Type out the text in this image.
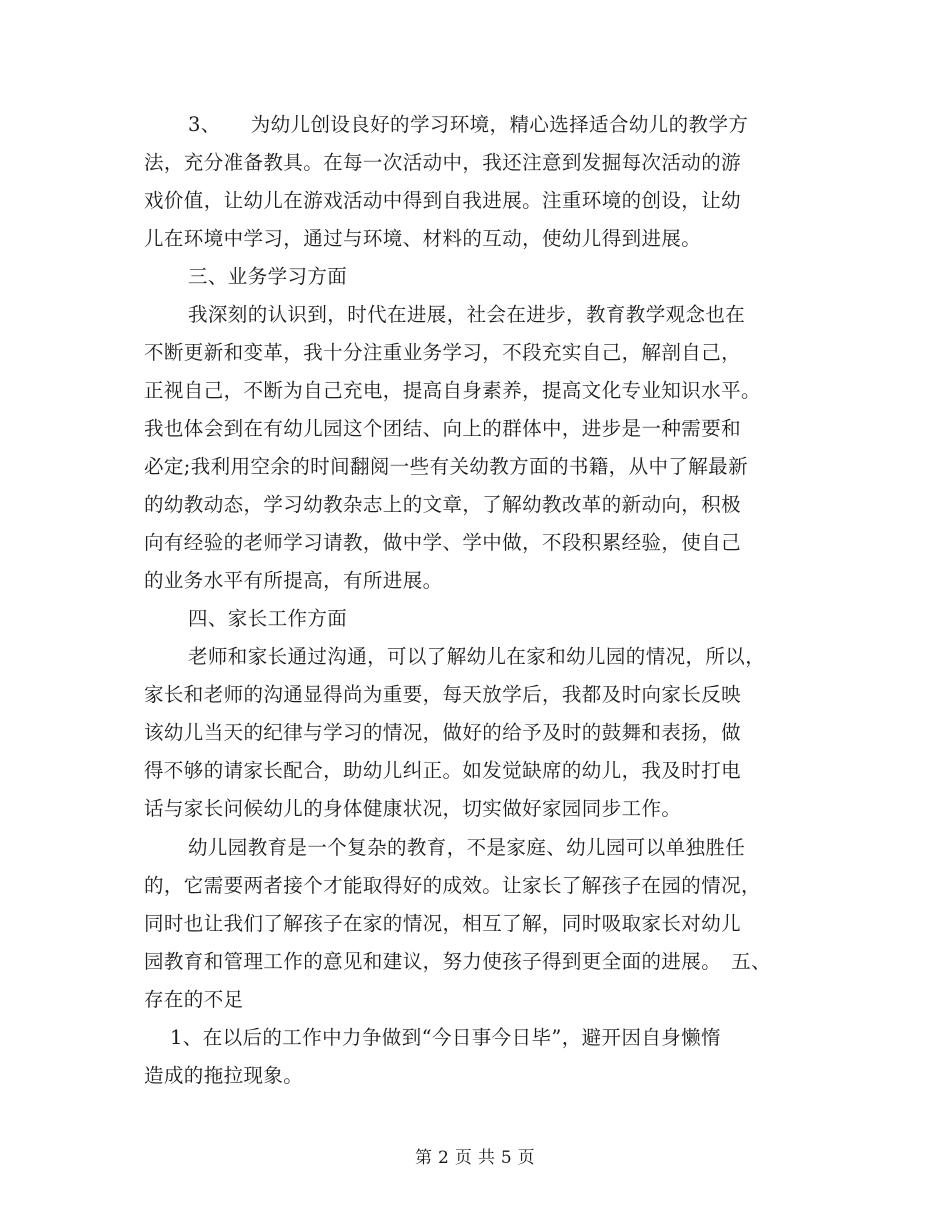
3、　　为幼儿创设良好的学习环境，精心选择适合幼儿的教学方
法，充分准备教具。在每一次活动中，我还注意到发掘每次活动的游
戏价值，让幼儿在游戏活动中得到自我进展。注重环境的创设，让幼
儿在环境中学习，通过与环境、材料的互动，使幼儿得到进展。
三、业务学习方面
我深刻的认识到，时代在进展，社会在进步，教育教学观念也在
不断更新和变革，我十分注重业务学习，不段充实自己，解剖自己，
正视自己，不断为自己充电，提高自身素养，提高文化专业知识水平。
我也体会到在有幼儿园这个团结、向上的群体中，进步是一种需要和
必定;我利用空余的时间翻阅一些有关幼教方面的书籍，从中了解最新
的幼教动态，学习幼教杂志上的文章，了解幼教改革的新动向，积极
向有经验的老师学习请教，做中学、学中做，不段积累经验，使自己
的业务水平有所提高，有所进展。
四、家长工作方面
老师和家长通过沟通，可以了解幼儿在家和幼儿园的情况，所以，
家长和老师的沟通显得尚为重要，每天放学后，我都及时向家长反映
该幼儿当天的纪律与学习的情况，做好的给予及时的鼓舞和表扬，做
得不够的请家长配合，助幼儿纠正。如发觉缺席的幼儿，我及时打电
话与家长问候幼儿的身体健康状况，切实做好家园同步工作。
幼儿园教育是一个复杂的教育，不是家庭、幼儿园可以单独胜任
的，它需要两者接个才能取得好的成效。让家长了解孩子在园的情况，
同时也让我们了解孩子在家的情况，相互了解，同时吸取家长对幼儿
园教育和管理工作的意见和建议，努力使孩子得到更全面的进展。　五、
存在的不足
1、在以后的工作中力争做到“今日事今日毕”，避开因自身懒惰
造成的拖拉现象。
第 2 页 共 5 页
